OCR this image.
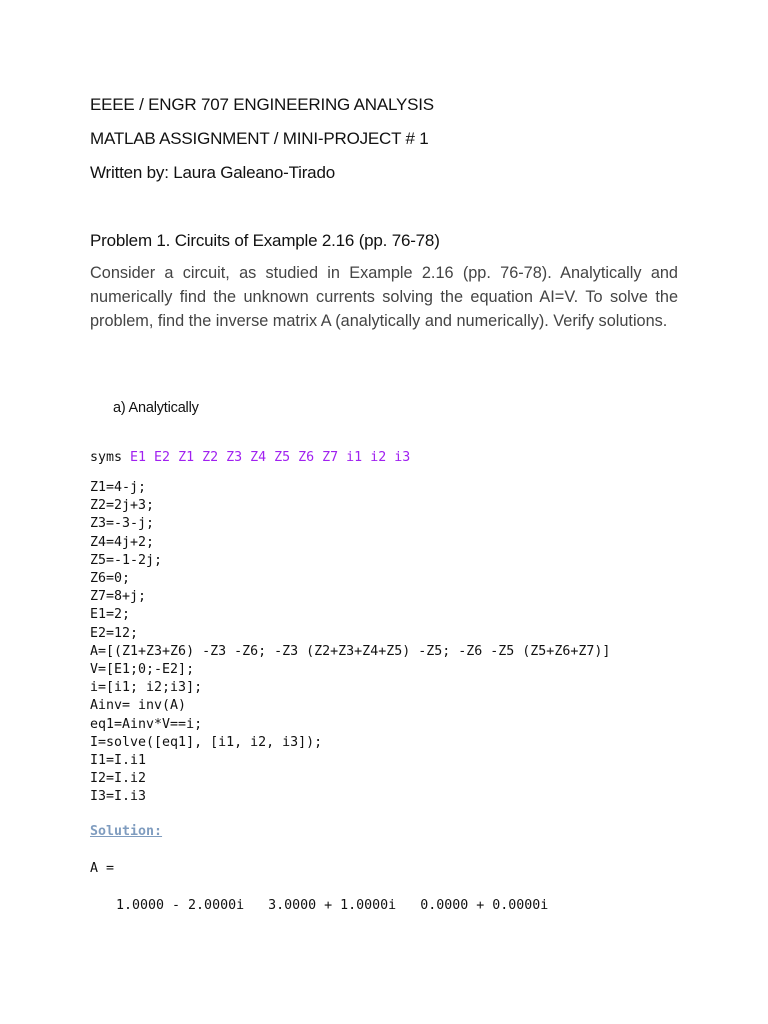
EEEE / ENGR 707 ENGINEERING ANALYSIS
MATLAB ASSIGNMENT / MINI-PROJECT # 1
Written by: Laura Galeano-Tirado
Problem 1. Circuits of Example 2.16 (pp. 76-78)
Consider a circuit, as studied in Example 2.16 (pp. 76-78). Analytically and numerically find the unknown currents solving the equation AI=V. To solve the problem, find the inverse matrix A (analytically and numerically). Verify solutions.
a) Analytically
syms E1 E2 Z1 Z2 Z3 Z4 Z5 Z6 Z7 i1 i2 i3
Z1=4-j;
Z2=2j+3;
Z3=-3-j;
Z4=4j+2;
Z5=-1-2j;
Z6=0;
Z7=8+j;
E1=2;
E2=12;
A=[(Z1+Z3+Z6) -Z3 -Z6; -Z3 (Z2+Z3+Z4+Z5) -Z5; -Z6 -Z5 (Z5+Z6+Z7)]
V=[E1;0;-E2];
i=[i1; i2;i3];
Ainv= inv(A)
eq1=Ainv*V==i;
I=solve([eq1], [i1, i2, i3]);
I1=I.i1
I2=I.i2
I3=I.i3
Solution:
A =
1.0000 - 2.0000i   3.0000 + 1.0000i   0.0000 + 0.0000i
